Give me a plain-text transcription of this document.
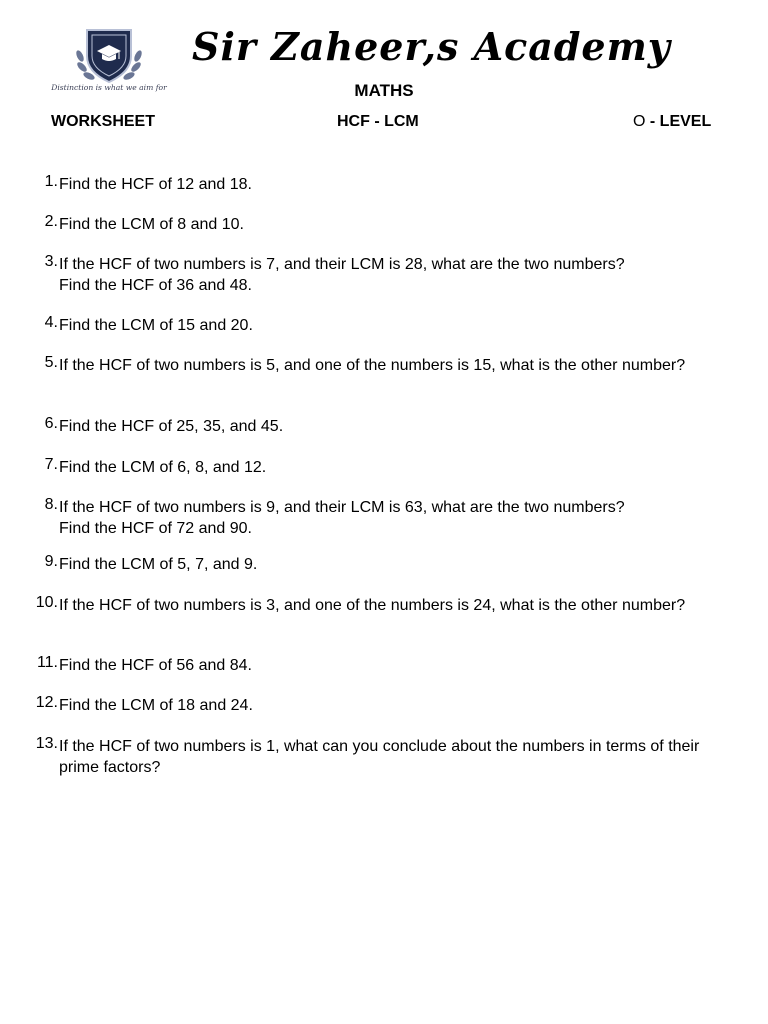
Distinction is what we aim for
Sir Zaheer,s Academy
MATHS
WORKSHEET	HCF - LCM	O - LEVEL
1. Find the HCF of 12 and 18.
2. Find the LCM of 8 and 10.
3. If the HCF of two numbers is 7, and their LCM is 28, what are the two numbers?
Find the HCF of 36 and 48.
4. Find the LCM of 15 and 20.
5. If the HCF of two numbers is 5, and one of the numbers is 15, what is the other number?
6. Find the HCF of 25, 35, and 45.
7. Find the LCM of 6, 8, and 12.
8. If the HCF of two numbers is 9, and their LCM is 63, what are the two numbers?
Find the HCF of 72 and 90.
9. Find the LCM of 5, 7, and 9.
10. If the HCF of two numbers is 3, and one of the numbers is 24, what is the other number?
11. Find the HCF of 56 and 84.
12. Find the LCM of 18 and 24.
13. If the HCF of two numbers is 1, what can you conclude about the numbers in terms of their prime factors?
